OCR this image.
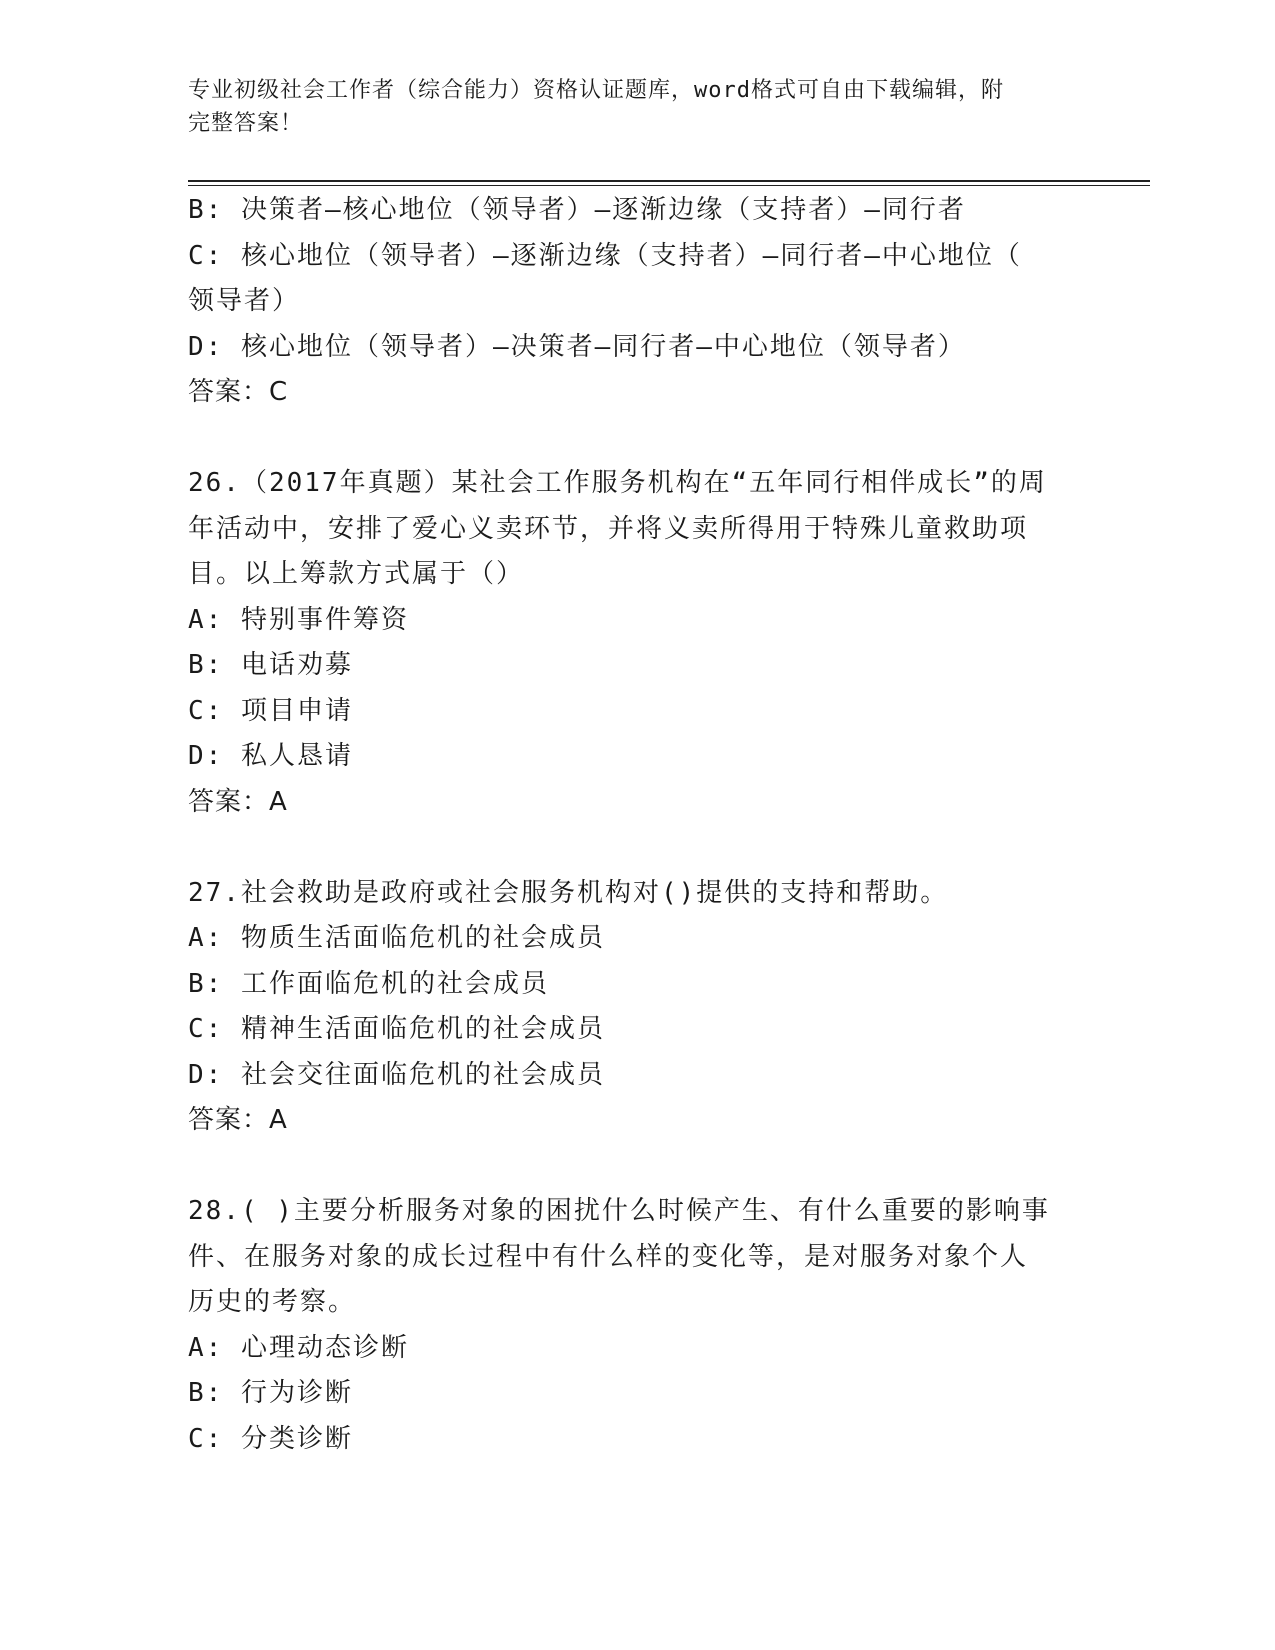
专业初级社会工作者（综合能力）资格认证题库，word格式可自由下载编辑，附
完整答案！
B: 决策者—核心地位（领导者）—逐渐边缘（支持者）—同行者
C: 核心地位（领导者）—逐渐边缘（支持者）—同行者—中心地位（
领导者）
D: 核心地位（领导者）—决策者—同行者—中心地位（领导者）
答案：C
26.（2017年真题）某社会工作服务机构在“五年同行相伴成长”的周
年活动中，安排了爱心义卖环节，并将义卖所得用于特殊儿童救助项
目。以上筹款方式属于（）
A: 特别事件筹资
B: 电话劝募
C: 项目申请
D: 私人恳请
答案：A
27.社会救助是政府或社会服务机构对()提供的支持和帮助。
A: 物质生活面临危机的社会成员
B: 工作面临危机的社会成员
C: 精神生活面临危机的社会成员
D: 社会交往面临危机的社会成员
答案：A
28.( )主要分析服务对象的困扰什么时候产生、有什么重要的影响事
件、在服务对象的成长过程中有什么样的变化等，是对服务对象个人
历史的考察。
A: 心理动态诊断
B: 行为诊断
C: 分类诊断
